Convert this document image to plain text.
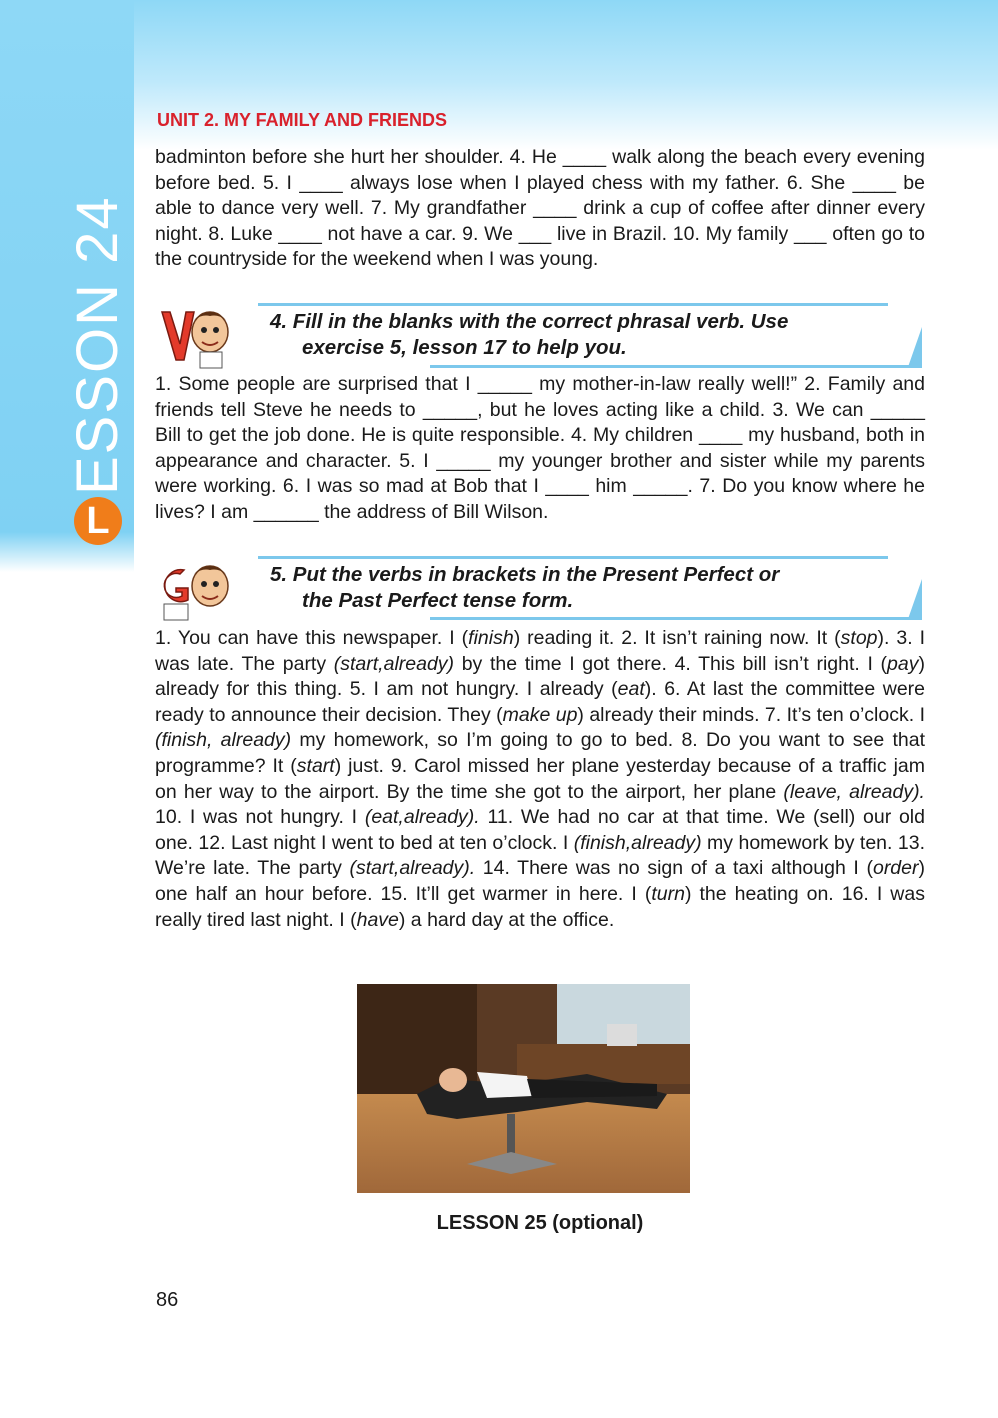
L
ESSON 24
UNIT 2. MY FAMILY AND FRIENDS

badminton before she hurt her shoulder. 4. He ____ walk along the beach every evening before bed. 5. I ____ always lose when I played chess with my father. 6. She ____ be able to dance very well. 7. My grandfather ____ drink a cup of coffee after dinner every night. 8. Luke ____ not have a car. 9. We ___ live in Brazil. 10. My family ___ often go to the countryside for the weekend when I was young.

4. Fill in the blanks with the correct phrasal verb. Use
exercise 5, lesson 17 to help you.

1. Some people are surprised that I _____ my mother-in-law really well!” 2. Family and friends tell Steve he needs to _____, but he loves acting like a child. 3. We can _____ Bill to get the job done. He is quite responsible. 4. My children ____ my husband, both in appearance and character. 5. I _____ my younger brother and sister while my parents were working. 6. I was so mad at Bob that I ____ him _____. 7. Do you know where he lives? I am ______ the address of Bill Wilson.

5. Put the verbs in brackets in the Present Perfect or
the Past Perfect tense form.

1. You can have this newspaper. I (finish) reading it. 2. It isn’t raining now. It (stop). 3. I was late. The party (start,already) by the time I got there. 4. This bill isn’t right. I (pay) already for this thing. 5. I am not hungry. I already (eat). 6. At last the committee were ready to announce their decision. They (make up) already their minds. 7. It’s ten o’clock. I (finish, already) my homework, so I’m going to go to bed. 8. Do you want to see that programme? It (start) just. 9. Carol missed her plane yesterday because of a traffic jam on her way to the airport. By the time she got to the airport, her plane (leave, already). 10. I was not hungry. I (eat,already). 11. We had no car at that time. We (sell) our old one. 12. Last night I went to bed at ten o’clock. I (finish,already) my homework by ten. 13. We’re late. The party (start,already). 14. There was no sign of a taxi although I (order) one half an hour before. 15. It’ll get warmer in here. I (turn) the heating on. 16. I was really tired last night. I (have) a hard day at the office.

LESSON 25 (optional)
86
